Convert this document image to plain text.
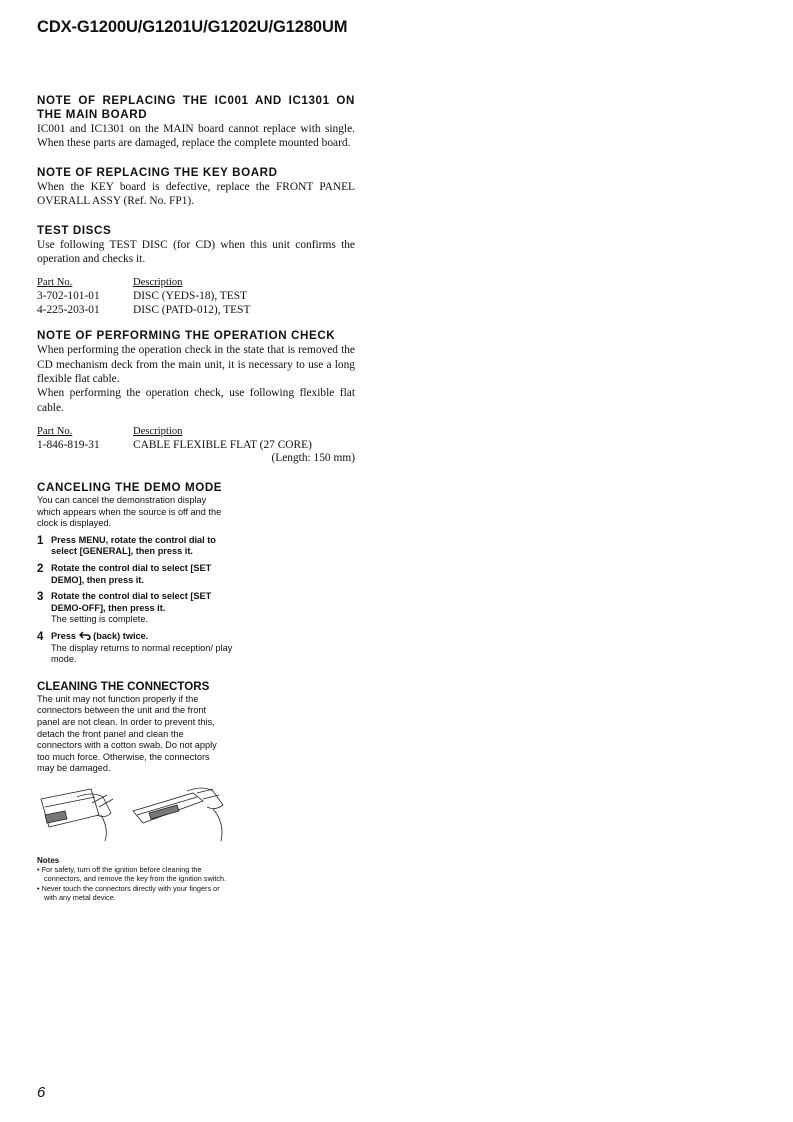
CDX-G1200U/G1201U/G1202U/G1280UM

NOTE OF REPLACING THE IC001 AND IC1301 ON THE MAIN BOARD

IC001 and IC1301 on the MAIN board cannot replace with single. When these parts are damaged, replace the complete mounted board.

NOTE OF REPLACING THE KEY BOARD

When the KEY board is defective, replace the FRONT PANEL OVERALL ASSY (Ref. No. FP1).

TEST DISCS

Use following TEST DISC (for CD) when this unit confirms the operation and checks it.

Part No.	Description
3-702-101-01	DISC (YEDS-18), TEST
4-225-203-01	DISC (PATD-012), TEST

NOTE OF PERFORMING THE OPERATION CHECK

When performing the operation check in the state that is removed the CD mechanism deck from the main unit, it is necessary to use a long flexible flat cable.

When performing the operation check, use following flexible flat cable.

Part No.	Description
1-846-819-31	CABLE FLEXIBLE FLAT (27 CORE)
(Length: 150 mm)

CANCELING THE DEMO MODE

You can cancel the demonstration display which appears when the source is off and the clock is displayed.

1 Press MENU, rotate the control dial to select [GENERAL], then press it.
2 Rotate the control dial to select [SET DEMO], then press it.
3 Rotate the control dial to select [SET DEMO-OFF], then press it.
The setting is complete.
4 Press  (back) twice.
The display returns to normal reception/ play mode.

CLEANING THE CONNECTORS

The unit may not function properly if the connectors between the unit and the front panel are not clean. In order to prevent this, detach the front panel and clean the connectors with a cotton swab. Do not apply too much force. Otherwise, the connectors may be damaged.

Notes

• For safety, turn off the ignition before cleaning the connectors, and remove the key from the ignition switch.

• Never touch the connectors directly with your fingers or with any metal device.

6
